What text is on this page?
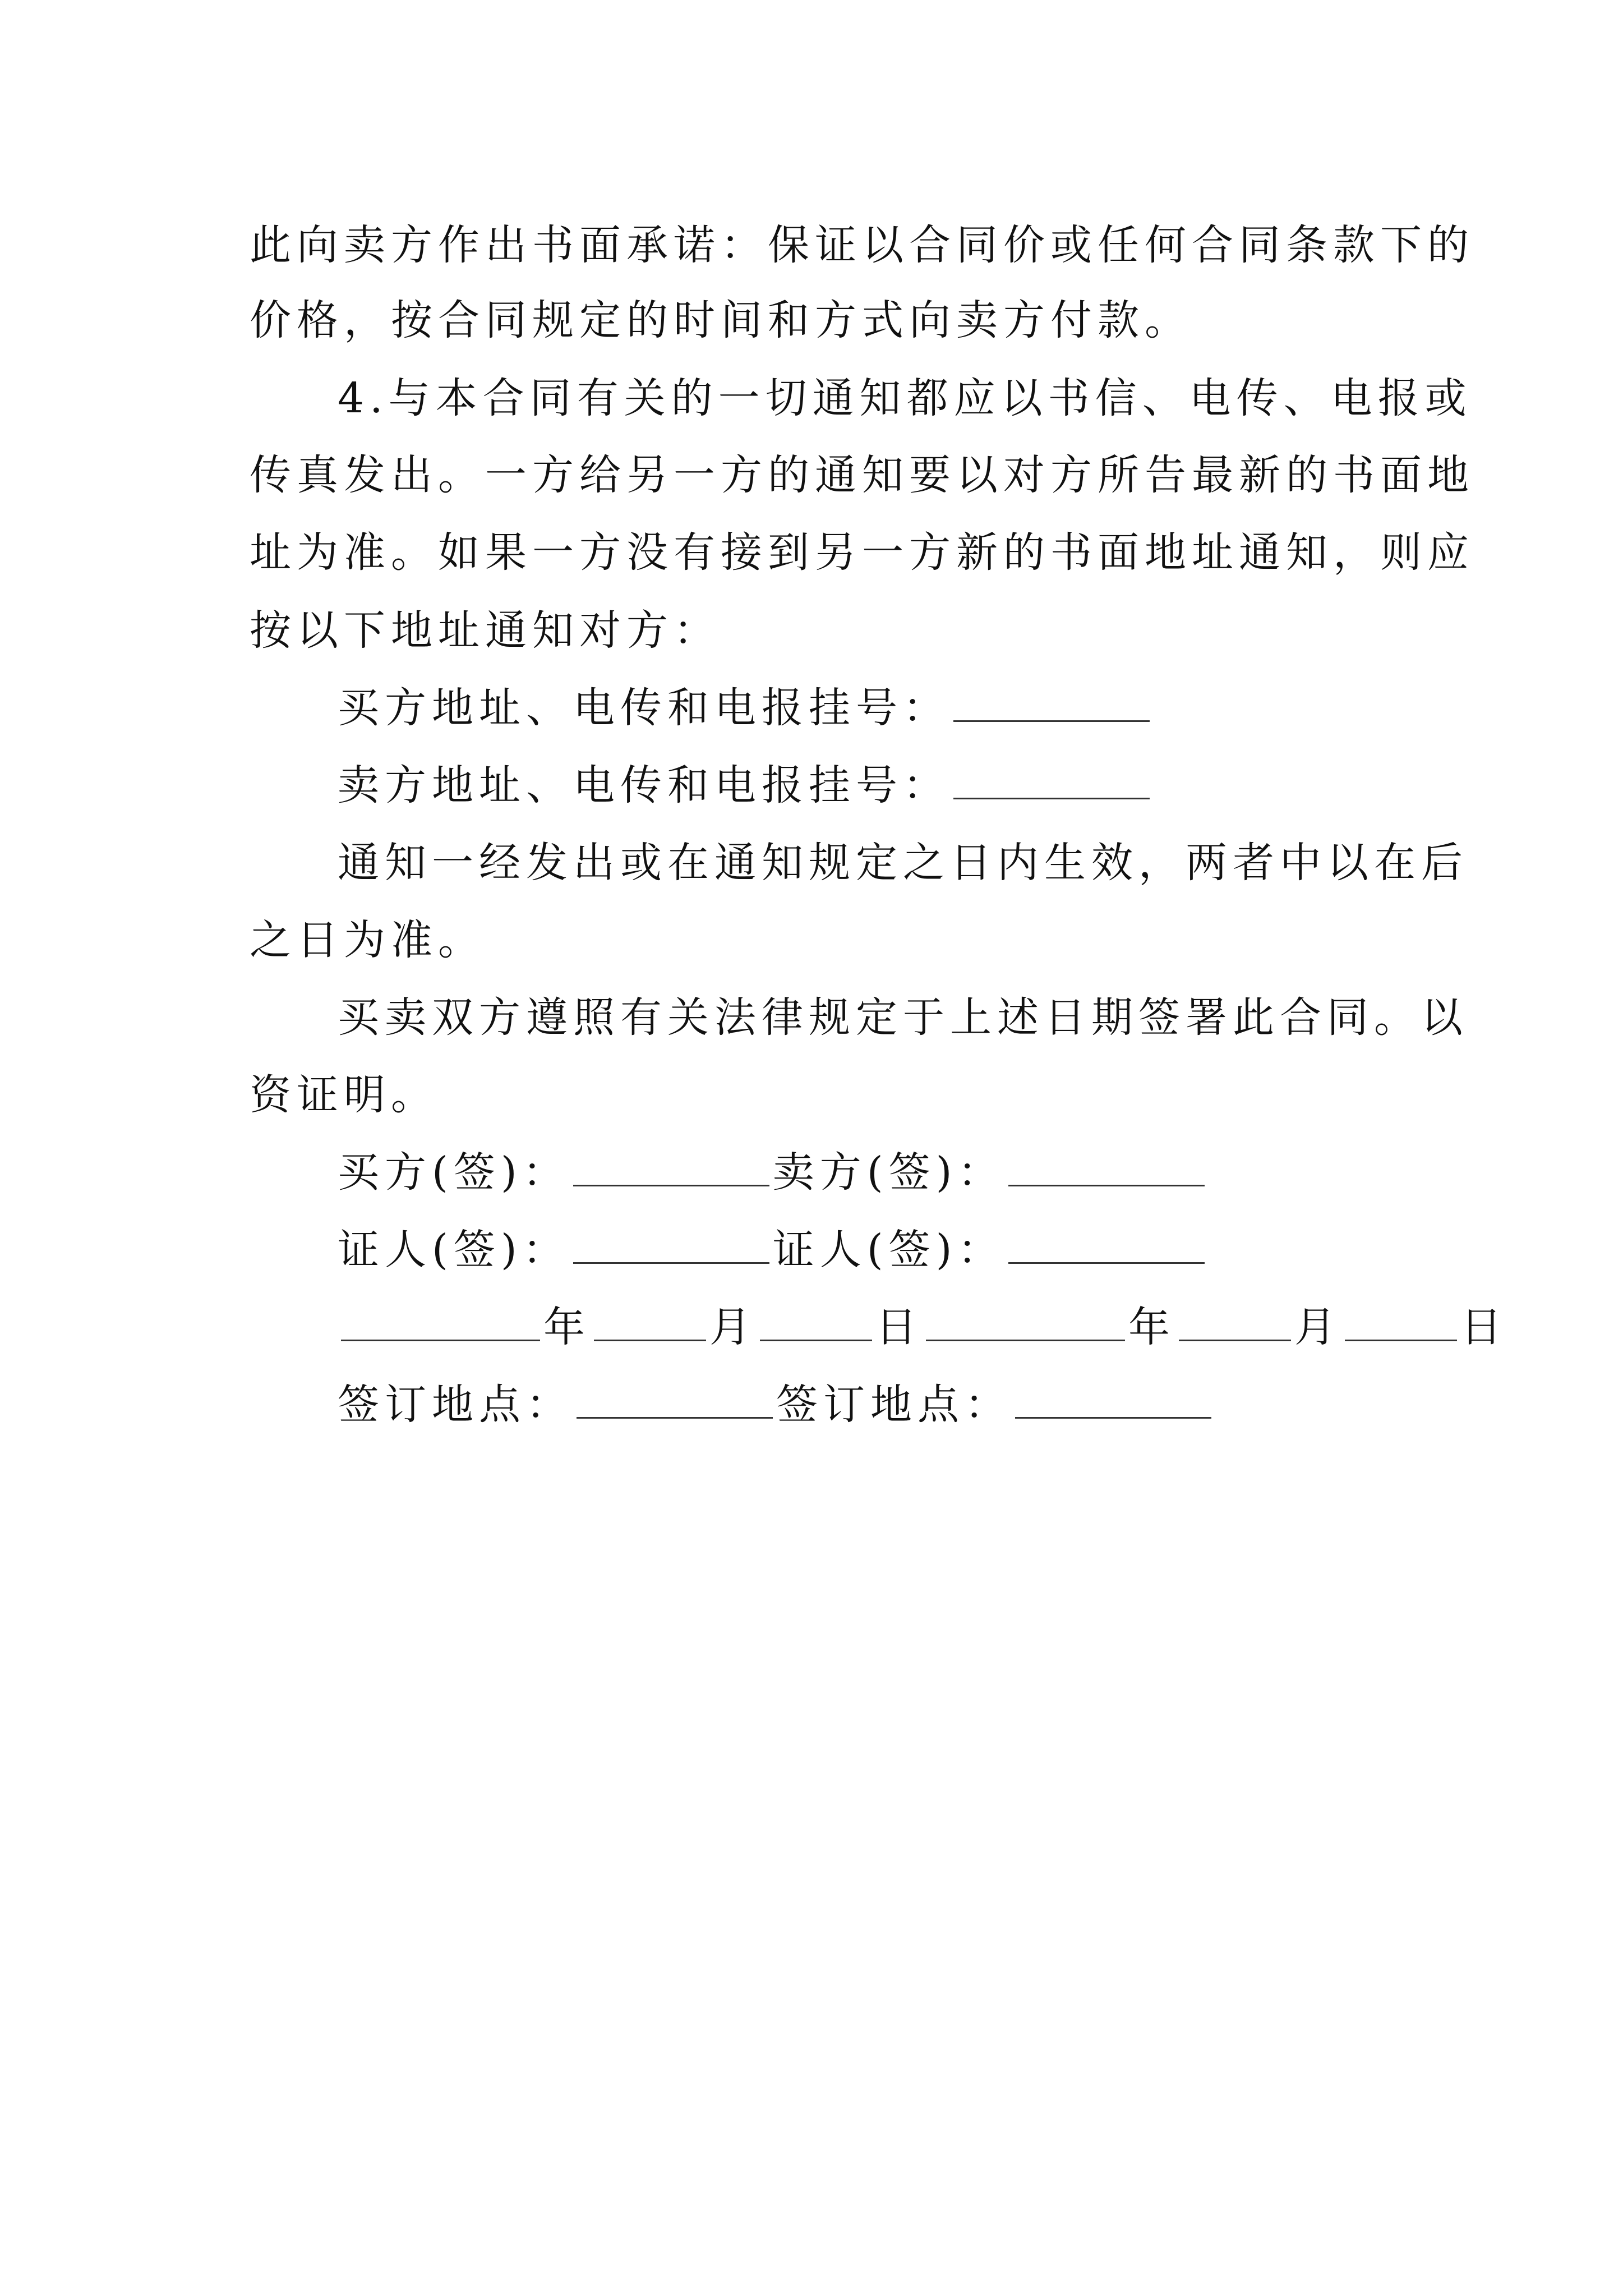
此向卖方作出书面承诺：保证以合同价或任何合同条款下的
价格，按合同规定的时间和方式向卖方付款。
4.与本合同有关的一切通知都应以书信、电传、电报或
传真发出。一方给另一方的通知要以对方所告最新的书面地
址为准。如果一方没有接到另一方新的书面地址通知，则应
按以下地址通知对方：
买方地址、电传和电报挂号：
卖方地址、电传和电报挂号：
通知一经发出或在通知规定之日内生效，两者中以在后
之日为准。
买卖双方遵照有关法律规定于上述日期签署此合同。以
资证明。
买方(签)：	卖方(签)：
证人(签)：	证人(签)：
年	月	日	年	月	日
签订地点：	签订地点：
